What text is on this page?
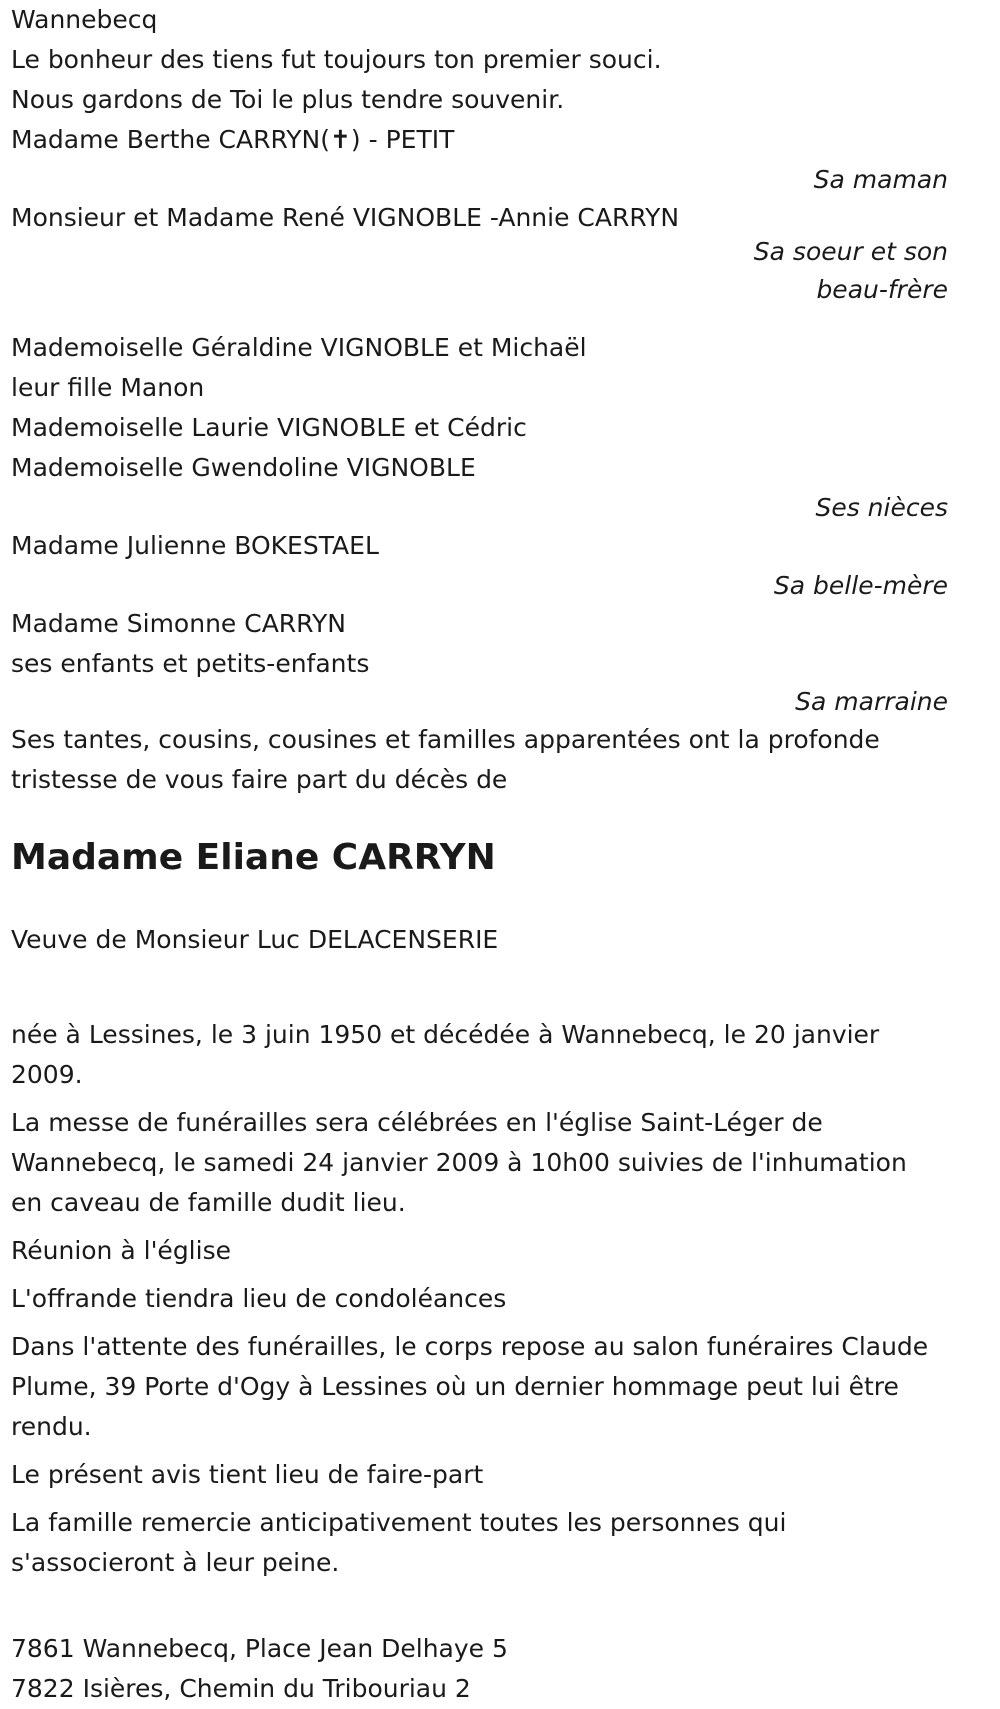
Wannebecq
Le bonheur des tiens fut toujours ton premier souci.
Nous gardons de Toi le plus tendre souvenir.
Madame Berthe CARRYN(✝) - PETIT
Sa maman
Monsieur et Madame René VIGNOBLE -Annie CARRYN
Sa soeur et son
beau-frère
Mademoiselle Géraldine VIGNOBLE et Michaël
leur fille Manon
Mademoiselle Laurie VIGNOBLE et Cédric
Mademoiselle Gwendoline VIGNOBLE
Ses nièces
Madame Julienne BOKESTAEL
Sa belle-mère
Madame Simonne CARRYN
ses enfants et petits-enfants
Sa marraine
Ses tantes, cousins, cousines et familles apparentées ont la profonde
tristesse de vous faire part du décès de
Madame Eliane CARRYN
Veuve de Monsieur Luc DELACENSERIE
née à Lessines, le 3 juin 1950 et décédée à Wannebecq, le 20 janvier
2009.
La messe de funérailles sera célébrées en l'église Saint-Léger de
Wannebecq, le samedi 24 janvier 2009 à 10h00 suivies de l'inhumation
en caveau de famille dudit lieu.
Réunion à l'église
L'offrande tiendra lieu de condoléances
Dans l'attente des funérailles, le corps repose au salon funéraires Claude
Plume, 39 Porte d'Ogy à Lessines où un dernier hommage peut lui être
rendu.
Le présent avis tient lieu de faire-part
La famille remercie anticipativement toutes les personnes qui
s'associeront à leur peine.
7861 Wannebecq, Place Jean Delhaye 5
7822 Isières, Chemin du Tribouriau 2
